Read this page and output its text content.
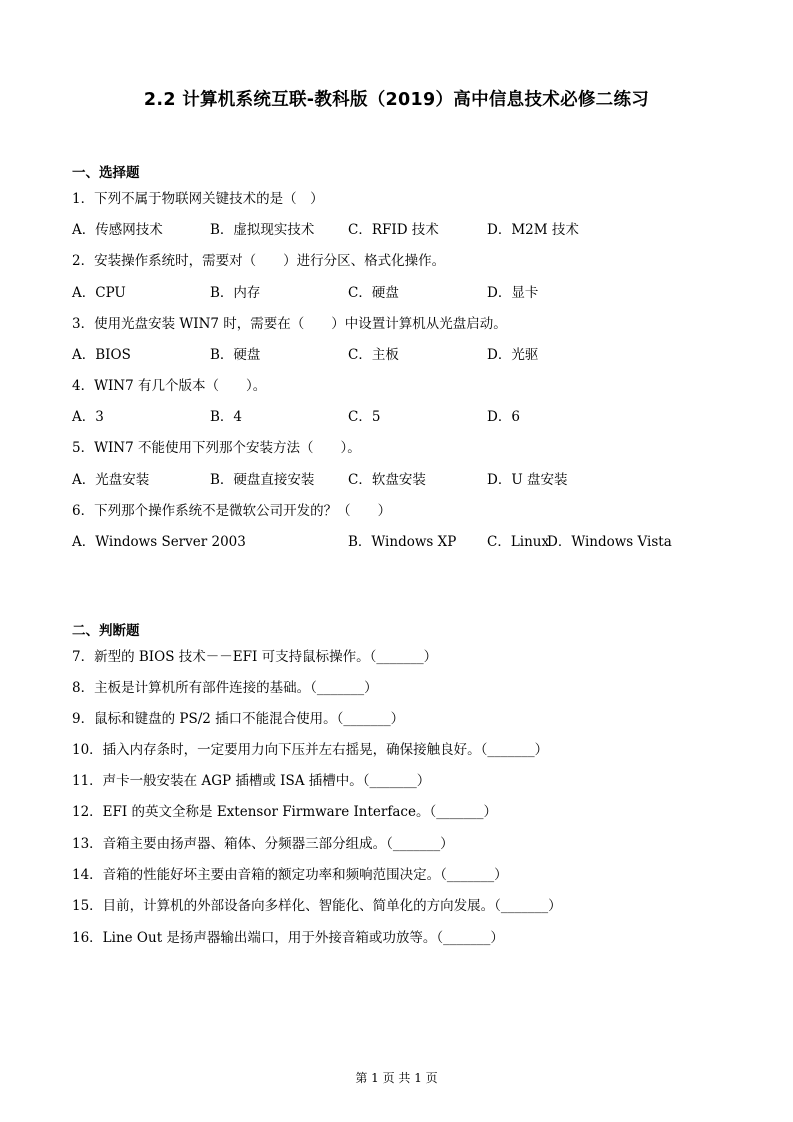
2.2 计算机系统互联-教科版（2019）高中信息技术必修二练习
一、选择题
1．下列不属于物联网关键技术的是（　）
A．传感网技术	B．虚拟现实技术 C．RFID 技术	D．M2M 技术
2．安装操作系统时，需要对（　　）进行分区、格式化操作。
A．CPU	B．内存	C．硬盘	D．显卡
3．使用光盘安装 WIN7 时，需要在（　　）中设置计算机从光盘启动。
A．BIOS	B．硬盘	C．主板	D．光驱
4．WIN7 有几个版本（　　）。
A．3	B．4	C．5	D．6
5．WIN7 不能使用下列那个安装方法（　　）。
A．光盘安装	B．硬盘直接安装 C．软盘安装	D．U 盘安装
6．下列那个操作系统不是微软公司开发的？（　　）
A．Windows Server 2003	B．Windows XP C．Linux
D．Windows Vista
二、判断题
7．新型的 BIOS 技术－－EFI 可支持鼠标操作。（_______）
8．主板是计算机所有部件连接的基础。（_______）
9．鼠标和键盘的 PS/2 插口不能混合使用。（_______）
10．插入内存条时，一定要用力向下压并左右摇晃，确保接触良好。（_______）
11．声卡一般安装在 AGP 插槽或 ISA 插槽中。（_______）
12．EFI 的英文全称是 Extensor Firmware Interface。（_______）
13．音箱主要由扬声器、箱体、分频器三部分组成。（_______）
14．音箱的性能好坏主要由音箱的额定功率和频响范围决定。（_______）
15．目前，计算机的外部设备向多样化、智能化、简单化的方向发展。（_______）
16．Line Out 是扬声器输出端口，用于外接音箱或功放等。（_______）
第 1 页 共 1 页
